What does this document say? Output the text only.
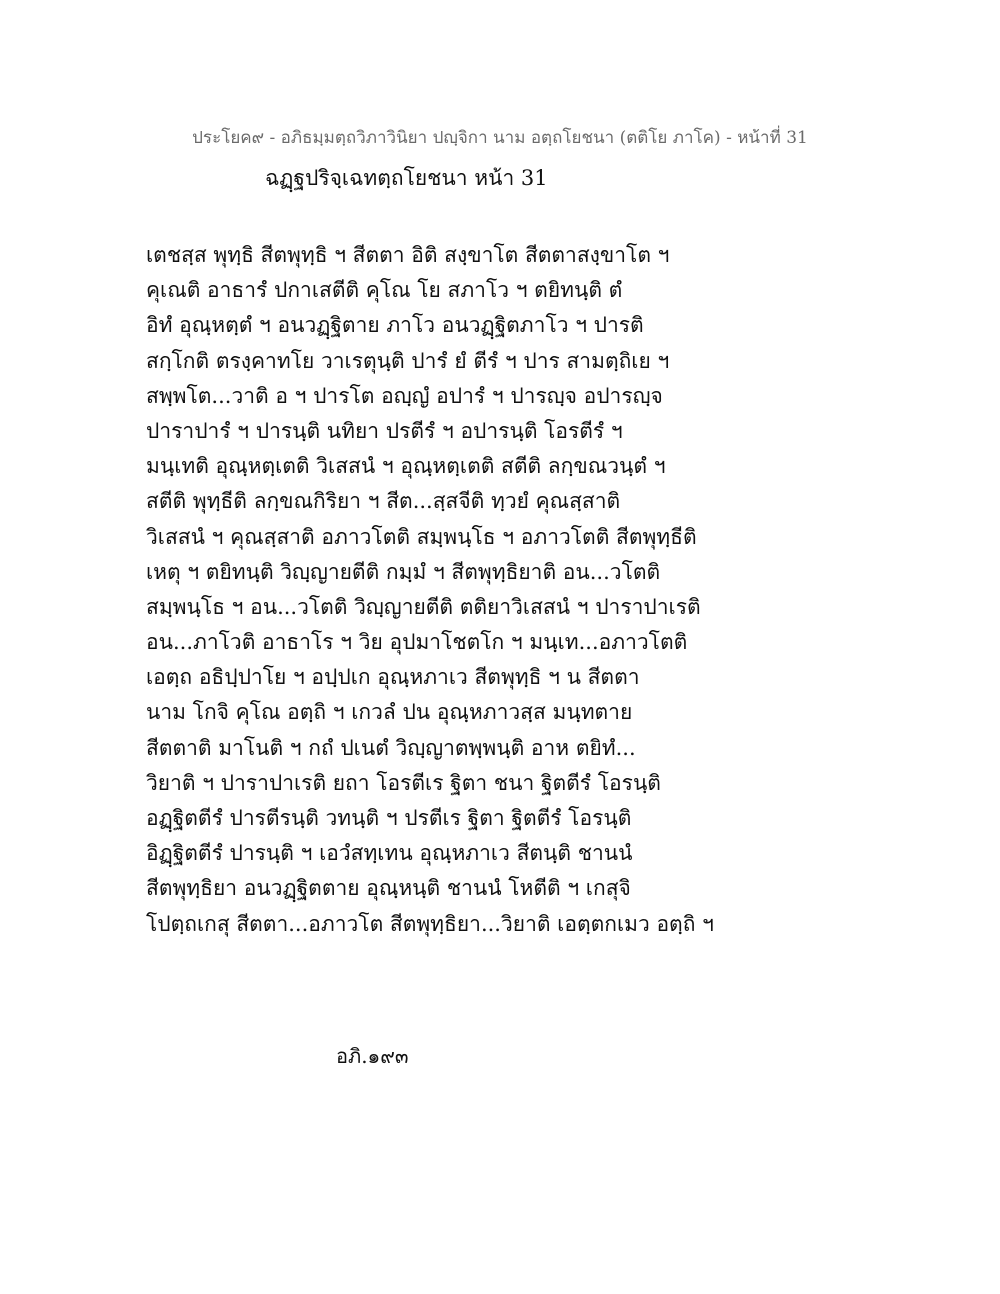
ประโยค๙ - อภิธมฺมตฺถวิภาวินิยา ปญฺจิกา นาม อตฺถโยชนา (ตติโย ภาโค) - หน้าที่ 31
ฉฏฺฐปริจฺเฉทตฺถโยชนา หน้า 31
เตชสฺส พุทฺธิ สีตพุทฺธิ ฯ สีตตา อิติ สงฺขาโต สีตตาสงฺขาโต ฯ
คุเณติ อาธารํ ปกาเสตีติ คุโณ โย สภาโว ฯ ตยิทนฺติ ตํ
อิทํ อุณฺหตฺตํ ฯ อนวฏฺฐิตาย ภาโว อนวฏฺฐิตภาโว ฯ ปารติ
สกฺโกติ ตรงฺคาทโย วาเรตุนฺติ ปารํ ยํ ตีรํ ฯ ปาร สามตฺถิเย ฯ
สพฺพโต...วาติ อ ฯ ปารโต อญฺญํ อปารํ ฯ ปารญฺจ อปารญฺจ
ปาราปารํ ฯ ปารนฺติ นทิยา ปรตีรํ ฯ อปารนฺติ โอรตีรํ ฯ
มนฺเทติ อุณฺหตฺเตติ วิเสสนํ ฯ อุณฺหตฺเตติ สตีติ ลกฺขณวนฺตํ ฯ
สตีติ พุทฺธีติ ลกฺขณกิริยา ฯ สีต...สฺสจีติ ทฺวยํ คุณสฺสาติ
วิเสสนํ ฯ คุณสฺสาติ อภาวโตติ สมฺพนฺโธ ฯ อภาวโตติ สีตพุทฺธีติ
เหตุ ฯ ตยิทนฺติ วิญฺญายตีติ กมฺมํ ฯ สีตพุทฺธิยาติ อน...วโตติ
สมฺพนฺโธ ฯ อน...วโตติ วิญฺญายตีติ ตติยาวิเสสนํ ฯ ปาราปาเรติ
อน...ภาโวติ อาธาโร ฯ วิย อุปมาโชตโก ฯ มนฺเท...อภาวโตติ
เอตฺถ อธิปฺปาโย ฯ อปฺปเก อุณฺหภาเว สีตพุทฺธิ ฯ น สีตตา
นาม โกจิ คุโณ อตฺถิ ฯ เกวลํ ปน อุณฺหภาวสฺส มนฺทตาย
สีตตาติ มาโนติ ฯ กถํ ปเนตํ วิญฺญาตพฺพนฺติ อาห ตยิทํ...
วิยาติ ฯ ปาราปาเรติ ยถา โอรตีเร ฐิตา ชนา ฐิตตีรํ โอรนฺติ
อฏฺฐิตตีรํ ปารตีรนฺติ วทนฺติ ฯ ปรตีเร ฐิตา ฐิตตีรํ โอรนฺติ
อิฏฺฐิตตีรํ ปารนฺติ ฯ เอวํสทฺเทน อุณฺหภาเว สีตนฺติ ชานนํ
สีตพุทฺธิยา อนวฏฺฐิตตาย อุณฺหนฺติ ชานนํ โหตีติ ฯ เกสุจิ
โปตฺถเกสุ สีตตา...อภาวโต สีตพุทฺธิยา...วิยาติ เอตฺตกเมว อตฺถิ ฯ
อภิ.๑๙๓
